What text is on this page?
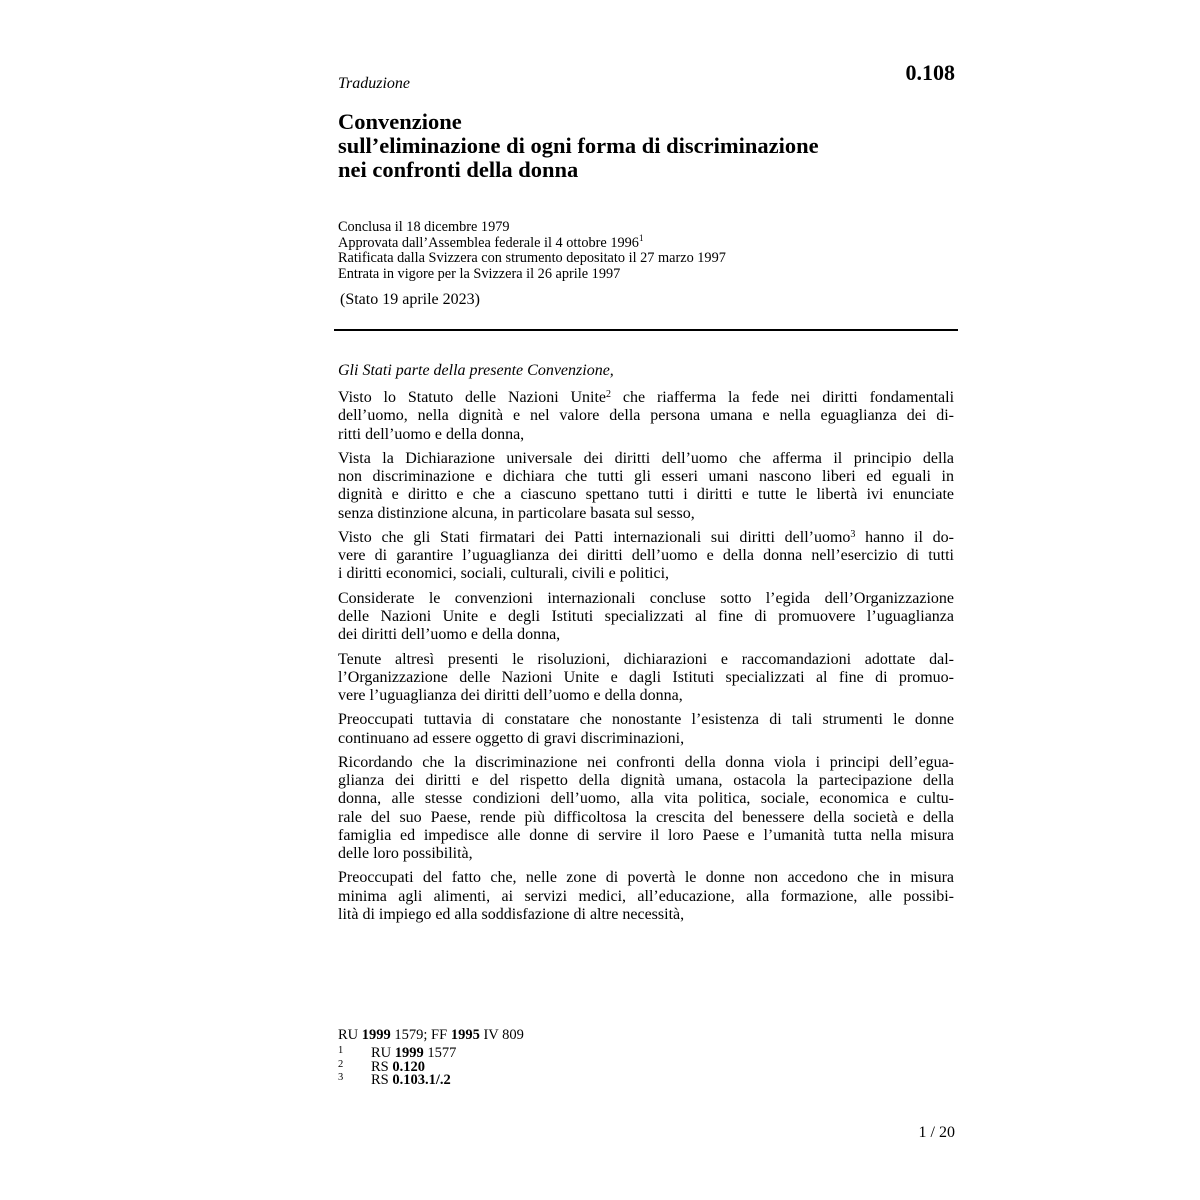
Traduzione	0.108
Convenzione
sull’eliminazione di ogni forma di discriminazione
nei confronti della donna
Conclusa il 18 dicembre 1979
Approvata dall’Assemblea federale il 4 ottobre 1996$^1$
Ratificata dalla Svizzera con strumento depositato il 27 marzo 1997
Entrata in vigore per la Svizzera il 26 aprile 1997
(Stato 19 aprile 2023)

Gli Stati parte della presente Convenzione,

Visto lo Statuto delle Nazioni Unite$^2$ che riafferma la fede nei diritti fondamentali
dell’uomo, nella dignità e nel valore della persona umana e nella eguaglianza dei di-
ritti dell’uomo e della donna,

Vista la Dichiarazione universale dei diritti dell’uomo che afferma il principio della
non discriminazione e dichiara che tutti gli esseri umani nascono liberi ed eguali in
dignità e diritto e che a ciascuno spettano tutti i diritti e tutte le libertà ivi enunciate
senza distinzione alcuna, in particolare basata sul sesso,

Visto che gli Stati firmatari dei Patti internazionali sui diritti dell’uomo$^3$ hanno il do-
vere di garantire l’uguaglianza dei diritti dell’uomo e della donna nell’esercizio di tutti
i diritti economici, sociali, culturali, civili e politici,

Considerate le convenzioni internazionali concluse sotto l’egida dell’Organizzazione
delle Nazioni Unite e degli Istituti specializzati al fine di promuovere l’uguaglianza
dei diritti dell’uomo e della donna,

Tenute altresì presenti le risoluzioni, dichiarazioni e raccomandazioni adottate dal-
l’Organizzazione delle Nazioni Unite e dagli Istituti specializzati al fine di promuo-
vere l’uguaglianza dei diritti dell’uomo e della donna,

Preoccupati tuttavia di constatare che nonostante l’esistenza di tali strumenti le donne
continuano ad essere oggetto di gravi discriminazioni,

Ricordando che la discriminazione nei confronti della donna viola i principi dell’egua-
glianza dei diritti e del rispetto della dignità umana, ostacola la partecipazione della
donna, alle stesse condizioni dell’uomo, alla vita politica, sociale, economica e cultu-
rale del suo Paese, rende più difficoltosa la crescita del benessere della società e della
famiglia ed impedisce alle donne di servire il loro Paese e l’umanità tutta nella misura
delle loro possibilità,

Preoccupati del fatto che, nelle zone di povertà le donne non accedono che in misura
minima agli alimenti, ai servizi medici, all’educazione, alla formazione, alle possibi-
lità di impiego ed alla soddisfazione di altre necessità,

RU 1999 1579; FF 1995 IV 809
1 RU 1999 1577
2 RS 0.120
3 RS 0.103.1/.2
1 / 20
